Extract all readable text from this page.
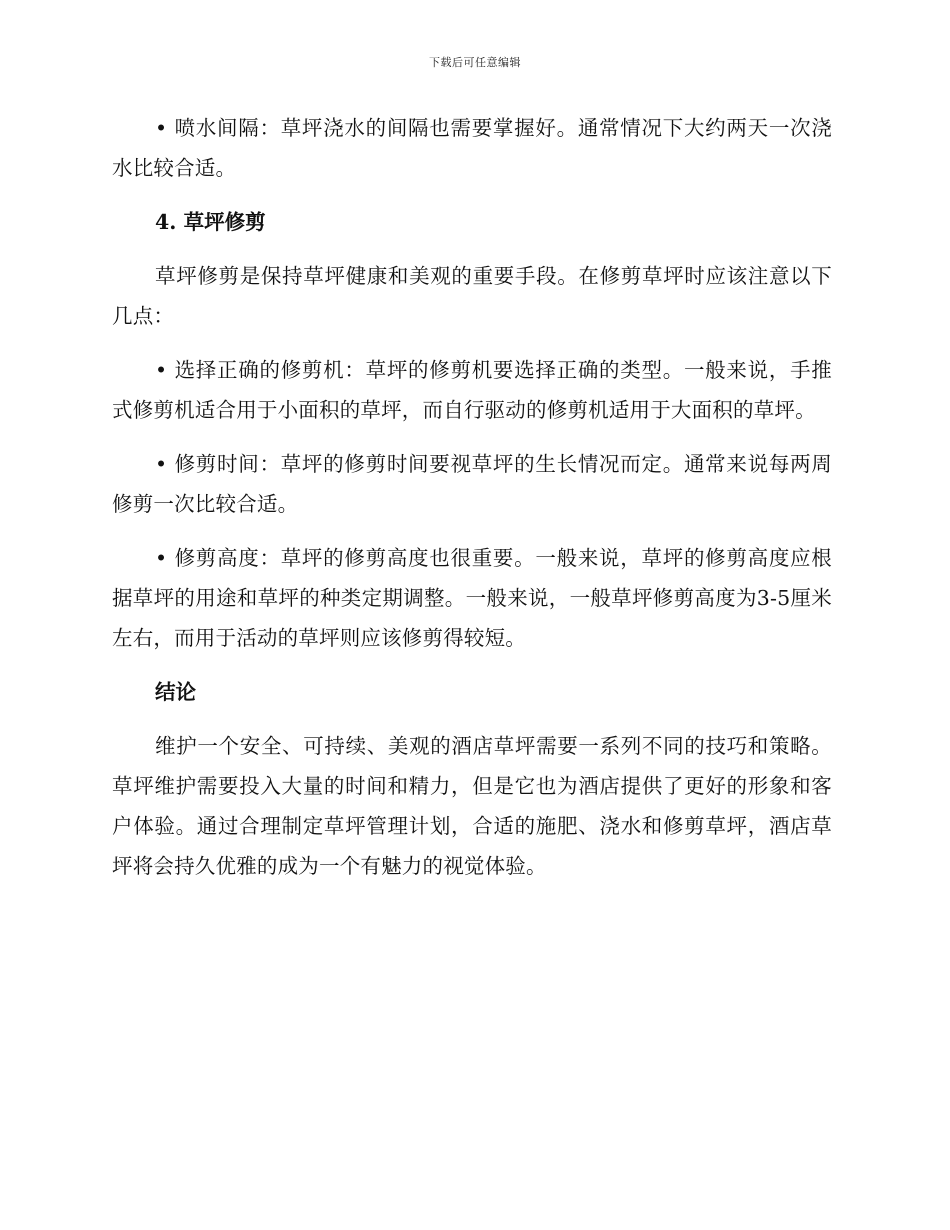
下载后可任意编辑

• 喷水间隔：草坪浇水的间隔也需要掌握好。通常情况下大约两天一次浇水比较合适。

4. 草坪修剪

草坪修剪是保持草坪健康和美观的重要手段。在修剪草坪时应该注意以下几点：

• 选择正确的修剪机：草坪的修剪机要选择正确的类型。一般来说，手推式修剪机适合用于小面积的草坪，而自行驱动的修剪机适用于大面积的草坪。

• 修剪时间：草坪的修剪时间要视草坪的生长情况而定。通常来说每两周修剪一次比较合适。

• 修剪高度：草坪的修剪高度也很重要。一般来说，草坪的修剪高度应根据草坪的用途和草坪的种类定期调整。一般来说，一般草坪修剪高度为3-5厘米左右，而用于活动的草坪则应该修剪得较短。

结论

维护一个安全、可持续、美观的酒店草坪需要一系列不同的技巧和策略。草坪维护需要投入大量的时间和精力，但是它也为酒店提供了更好的形象和客户体验。通过合理制定草坪管理计划，合适的施肥、浇水和修剪草坪，酒店草坪将会持久优雅的成为一个有魅力的视觉体验。
